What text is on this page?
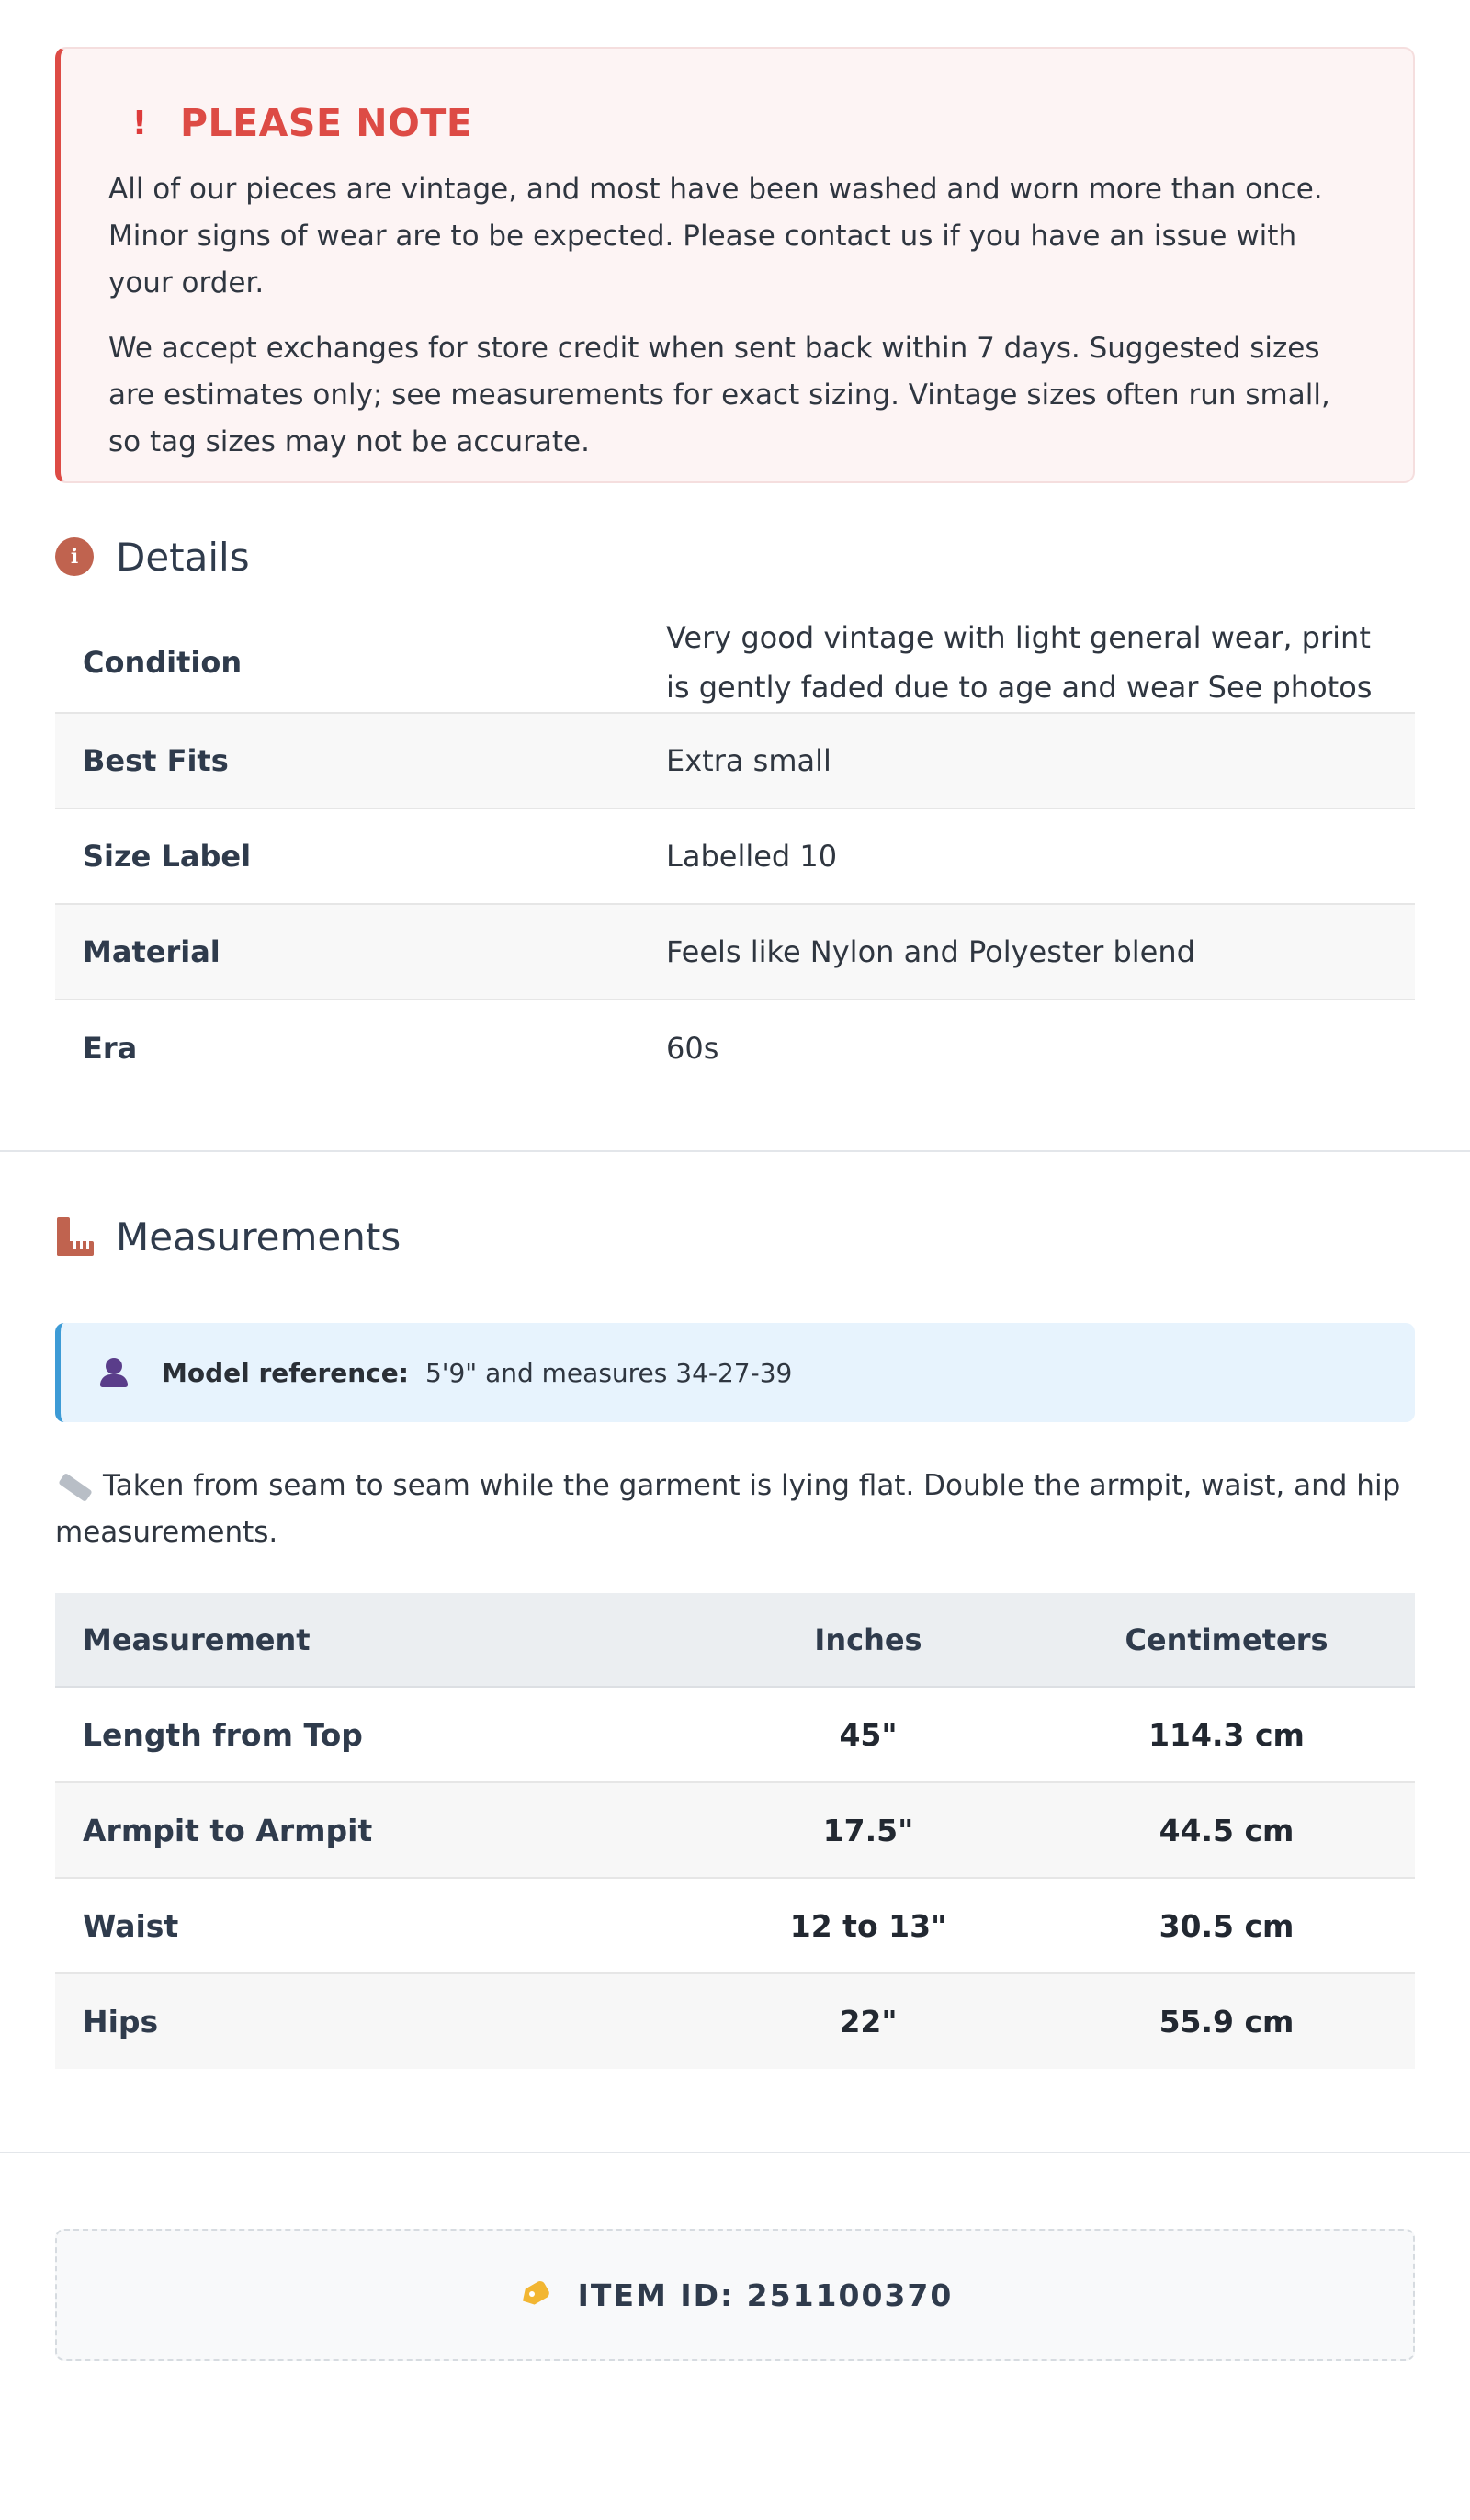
! PLEASE NOTE

All of our pieces are vintage, and most have been washed and worn more than once. Minor signs of wear are to be expected. Please contact us if you have an issue with your order.

We accept exchanges for store credit when sent back within 7 days. Suggested sizes are estimates only; see measurements for exact sizing. Vintage sizes often run small, so tag sizes may not be accurate.

i Details
Condition	Very good vintage with light general wear, print is gently faded due to age and wear See photos
Best Fits	Extra small
Size Label	Labelled 10
Material	Feels like Nylon and Polyester blend
Era	60s
Measurements
Model reference: 5'9" and measures 34-27-39
Taken from seam to seam while the garment is lying flat. Double the armpit, waist, and hip measurements.
Measurement	Inches	Centimeters
Length from Top	45"	114.3 cm
Armpit to Armpit	17.5"	44.5 cm
Waist	12 to 13"	30.5 cm
Hips	22"	55.9 cm
ITEM ID: 251100370
